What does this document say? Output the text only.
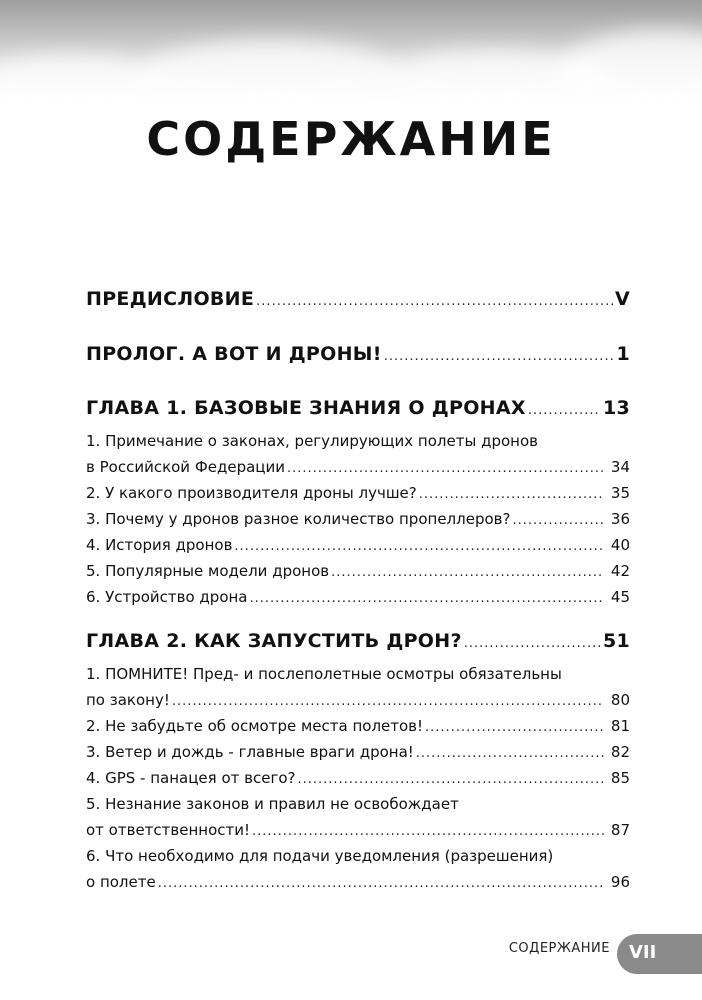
СОДЕРЖАНИЕ
ПРЕДИСЛОВИЕ .....	V
ПРОЛОГ. А ВОТ И ДРОНЫ! .....	1
ГЛАВА 1. БАЗОВЫЕ ЗНАНИЯ О ДРОНАХ .....	13
1. Примечание о законах, регулирующих полеты дронов
в Российской Федерации .....	34
2. У какого производителя дроны лучше? .....	35
3. Почему у дронов разное количество пропеллеров? .....	36
4. История дронов .....	40
5. Популярные модели дронов .....	42
6. Устройство дрона .....	45
ГЛАВА 2. КАК ЗАПУСТИТЬ ДРОН? .....	51
1. ПОМНИТЕ! Пред- и послеполетные осмотры обязательны
по закону! .....	80
2. Не забудьте об осмотре места полетов! .....	81
3. Ветер и дождь - главные враги дрона! .....	82
4. GPS - панацея от всего? .....	85
5. Незнание законов и правил не освобождает
от ответственности! .....	87
6. Что необходимо для подачи уведомления (разрешения)
о полете .....	96
СОДЕРЖАНИЕ VII
